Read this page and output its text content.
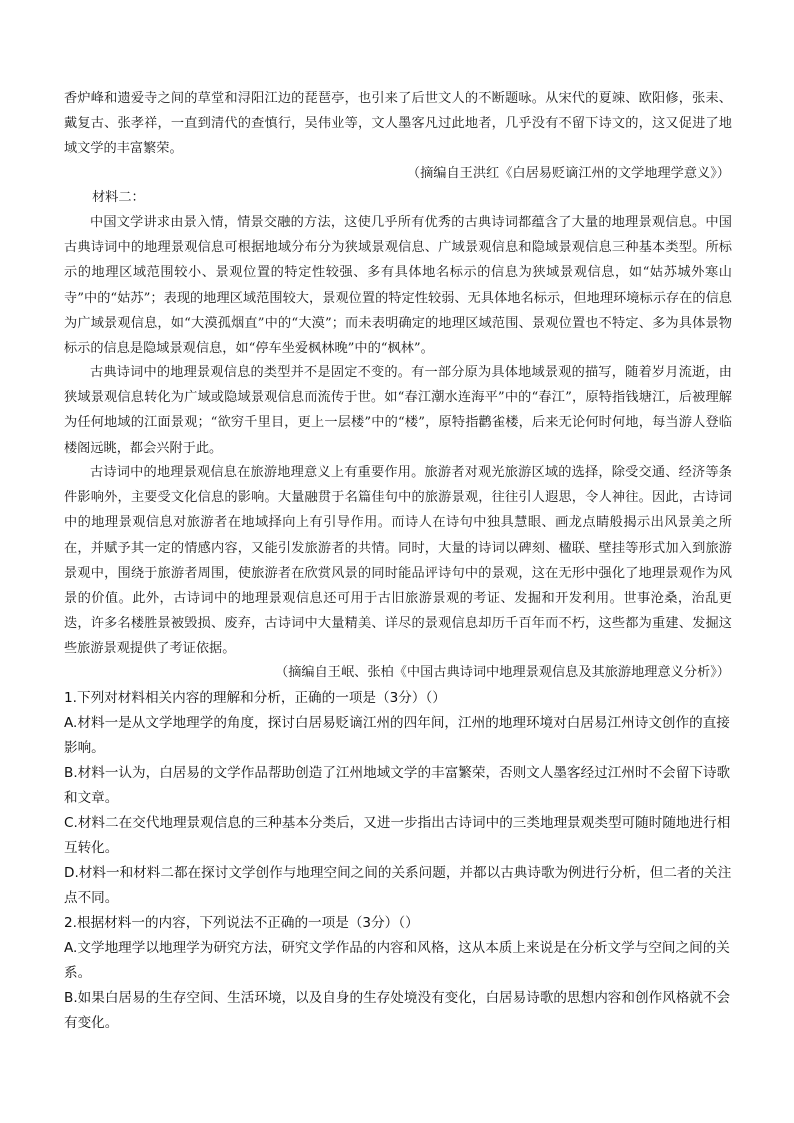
香炉峰和遗爱寺之间的草堂和浔阳江边的琵琶亭，也引来了后世文人的不断题咏。从宋代的夏竦、欧阳修，张耒、戴复古、张孝祥，一直到清代的查慎行，吴伟业等，文人墨客凡过此地者，几乎没有不留下诗文的，这又促进了地域文学的丰富繁荣。

（摘编自王洪红《白居易贬谪江州的文学地理学意义》）

材料二：

中国文学讲求由景入情，情景交融的方法，这使几乎所有优秀的古典诗词都蕴含了大量的地理景观信息。中国古典诗词中的地理景观信息可根据地域分布分为狭域景观信息、广域景观信息和隐域景观信息三种基本类型。所标示的地理区域范围较小、景观位置的特定性较强、多有具体地名标示的信息为狭域景观信息，如“姑苏城外寒山寺”中的“姑苏”；表现的地理区域范围较大，景观位置的特定性较弱、无具体地名标示，但地理环境标示存在的信息为广域景观信息，如“大漠孤烟直”中的“大漠”；而未表明确定的地理区域范围、景观位置也不特定、多为具体景物标示的信息是隐域景观信息，如“停车坐爱枫林晚”中的“枫林”。

古典诗词中的地理景观信息的类型并不是固定不变的。有一部分原为具体地域景观的描写，随着岁月流逝，由狭域景观信息转化为广域或隐域景观信息而流传于世。如“春江潮水连海平”中的“春江”，原特指钱塘江，后被理解为任何地域的江面景观；“欲穷千里目，更上一层楼”中的“楼”，原特指鹳雀楼，后来无论何时何地，每当游人登临楼阁远眺，都会兴附于此。

古诗词中的地理景观信息在旅游地理意义上有重要作用。旅游者对观光旅游区域的选择，除受交通、经济等条件影响外，主要受文化信息的影响。大量融贯于名篇佳句中的旅游景观，往往引人遐思，令人神往。因此，古诗词中的地理景观信息对旅游者在地域择向上有引导作用。而诗人在诗句中独具慧眼、画龙点睛般揭示出风景美之所在，并赋予其一定的情感内容，又能引发旅游者的共情。同时，大量的诗词以碑刻、楹联、壁挂等形式加入到旅游景观中，围绕于旅游者周围，使旅游者在欣赏风景的同时能品评诗句中的景观，这在无形中强化了地理景观作为风景的价值。此外，古诗词中的地理景观信息还可用于古旧旅游景观的考证、发掘和开发利用。世事沧桑，治乱更迭，许多名楼胜景被毁损、废弃，古诗词中大量精美、详尽的景观信息却历千百年而不朽，这些都为重建、发掘这些旅游景观提供了考证依据。

（摘编自王岷、张柏《中国古典诗词中地理景观信息及其旅游地理意义分析》）

1.下列对材料相关内容的理解和分析，正确的一项是（3分）（）

A.材料一是从文学地理学的角度，探讨白居易贬谪江州的四年间，江州的地理环境对白居易江州诗文创作的直接影响。

B.材料一认为，白居易的文学作品帮助创造了江州地域文学的丰富繁荣，否则文人墨客经过江州时不会留下诗歌和文章。

C.材料二在交代地理景观信息的三种基本分类后，又进一步指出古诗词中的三类地理景观类型可随时随地进行相互转化。

D.材料一和材料二都在探讨文学创作与地理空间之间的关系问题，并都以古典诗歌为例进行分析，但二者的关注点不同。

2.根据材料一的内容，下列说法不正确的一项是（3分）（）

A.文学地理学以地理学为研究方法，研究文学作品的内容和风格，这从本质上来说是在分析文学与空间之间的关系。

B.如果白居易的生存空间、生活环境，以及自身的生存处境没有变化，白居易诗歌的思想内容和创作风格就不会有变化。
